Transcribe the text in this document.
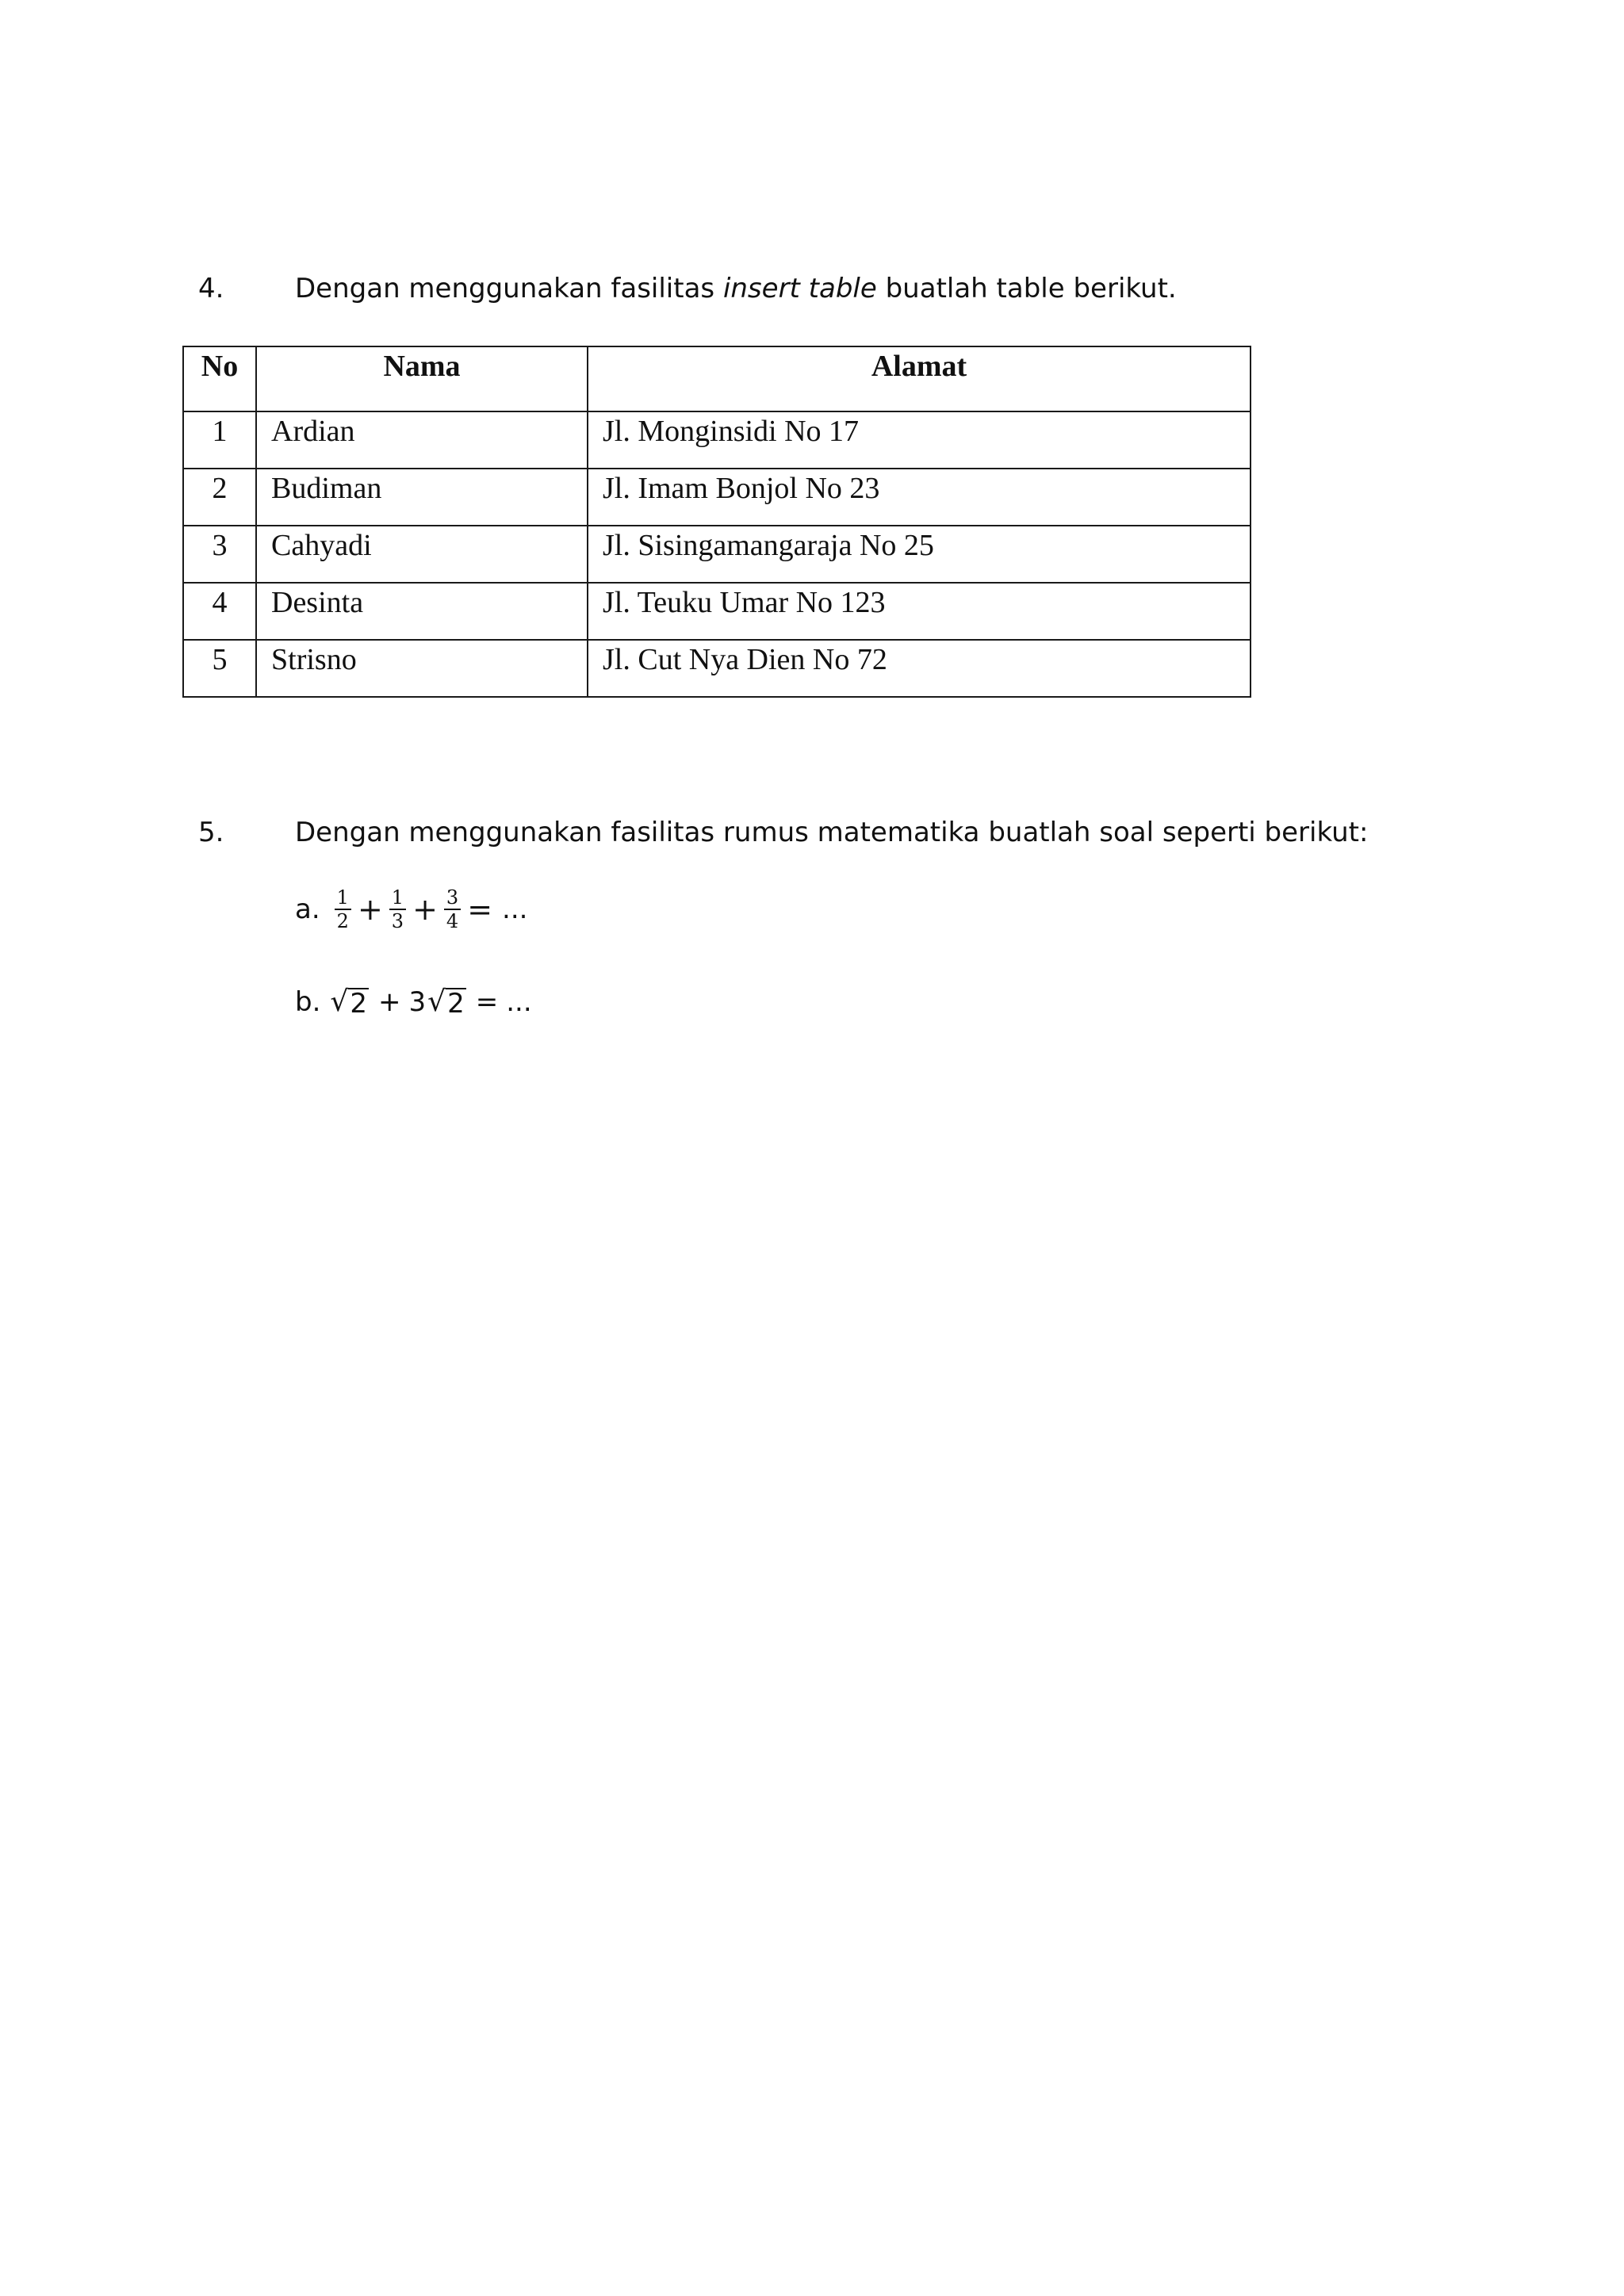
4.	Dengan menggunakan fasilitas insert table buatlah table berikut.
No	Nama	Alamat

1	Ardian	Jl. Monginsidi No 17

2	Budiman	Jl. Imam Bonjol No 23

3	Cahyadi	Jl. Sisingamangaraja No 25

4	Desinta	Jl. Teuku Umar No 123

5	Strisno	Jl. Cut Nya Dien No 72
5.	Dengan menggunakan fasilitas rumus matematika buatlah soal seperti berikut:
a. $\frac{1}{2} + \frac{1}{3} + \frac{3}{4}$ = ...
b. √ 2 + 3 √ 2 = ...
